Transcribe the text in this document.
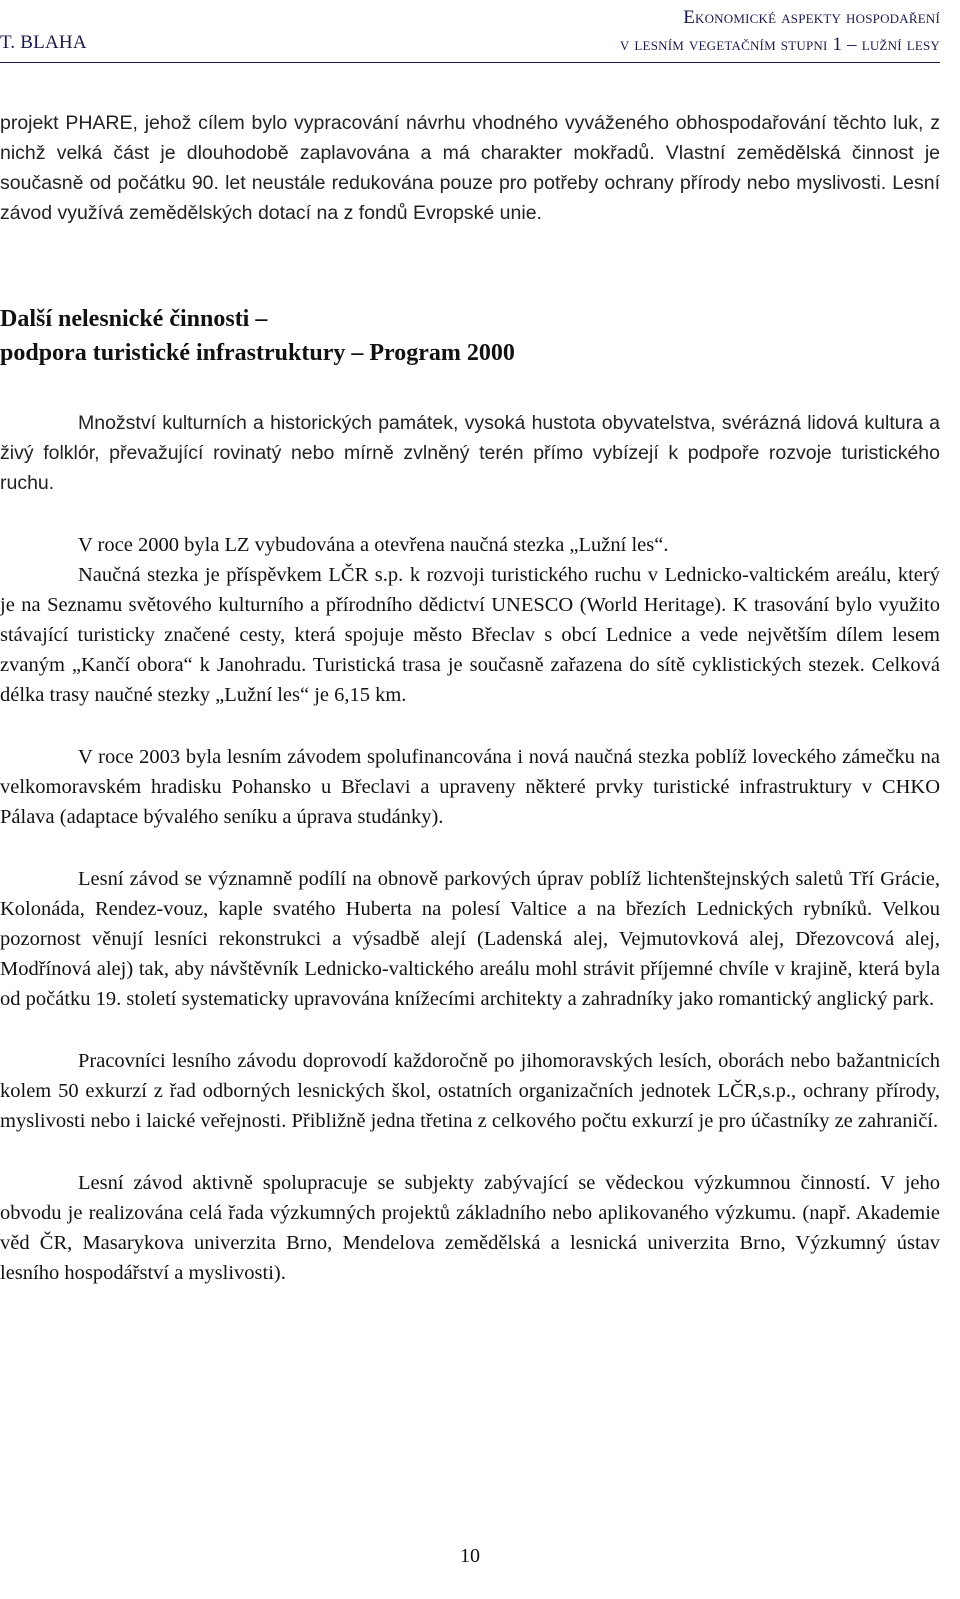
T. BLAHA
Ekonomické aspekty hospodaření
v lesním vegetačním stupni 1 – lužní lesy

projekt PHARE, jehož cílem bylo vypracování návrhu vhodného vyváženého obhospodařování těchto luk, z nichž velká část je dlouhodobě zaplavována a má charakter mokřadů. Vlastní zemědělská činnost je současně od počátku 90. let neustále redukována pouze pro potřeby ochrany přírody nebo myslivosti. Lesní závod využívá zemědělských dotací na z fondů Evropské unie.

Další nelesnické činnosti –
podpora turistické infrastruktury – Program 2000

Množství kulturních a historických památek, vysoká hustota obyvatelstva, svérázná lidová kultura a živý folklór, převažující rovinatý nebo mírně zvlněný terén přímo vybízejí k podpoře rozvoje turistického ruchu.

V roce 2000 byla LZ vybudována a otevřena naučná stezka „Lužní les“.

Naučná stezka je příspěvkem LČR s.p. k rozvoji turistického ruchu v Lednicko-valtickém areálu, který je na Seznamu světového kulturního a přírodního dědictví UNESCO (World Heritage). K trasování bylo využito stávající turisticky značené cesty, která spojuje město Břeclav s obcí Lednice a vede největším dílem lesem zvaným „Kančí obora“ k Janohradu. Turistická trasa je současně zařazena do sítě cyklistických stezek. Celková délka trasy naučné stezky „Lužní les“ je 6,15 km.

V roce 2003 byla lesním závodem spolufinancována i nová naučná stezka poblíž loveckého zámečku na velkomoravském hradisku Pohansko u Břeclavi a upraveny některé prvky turistické infrastruktury v CHKO Pálava (adaptace bývalého seníku a úprava studánky).

Lesní závod se významně podílí na obnově parkových úprav poblíž lichtenštejnských saletů Tří Grácie, Kolonáda, Rendez-vouz, kaple svatého Huberta na polesí Valtice a na březích Lednických rybníků. Velkou pozornost věnují lesníci rekonstrukci a výsadbě alejí (Ladenská alej, Vejmutovková alej, Dřezovcová alej, Modřínová alej) tak, aby návštěvník Lednicko-valtického areálu mohl strávit příjemné chvíle v krajině, která byla od počátku 19. století systematicky upravována knížecími architekty a zahradníky jako romantický anglický park.

Pracovníci lesního závodu doprovodí každoročně po jihomoravských lesích, oborách nebo bažantnicích kolem 50 exkurzí z řad odborných lesnických škol, ostatních organizačních jednotek LČR,s.p., ochrany přírody, myslivosti nebo i laické veřejnosti. Přibližně jedna třetina z celkového počtu exkurzí je pro účastníky ze zahraničí.

Lesní závod aktivně spolupracuje se subjekty zabývající se vědeckou výzkumnou činností. V jeho obvodu je realizována celá řada výzkumných projektů základního nebo aplikovaného výzkumu. (např. Akademie věd ČR, Masarykova univerzita Brno, Mendelova zemědělská a lesnická univerzita Brno, Výzkumný ústav lesního hospodářství a myslivosti).

10
